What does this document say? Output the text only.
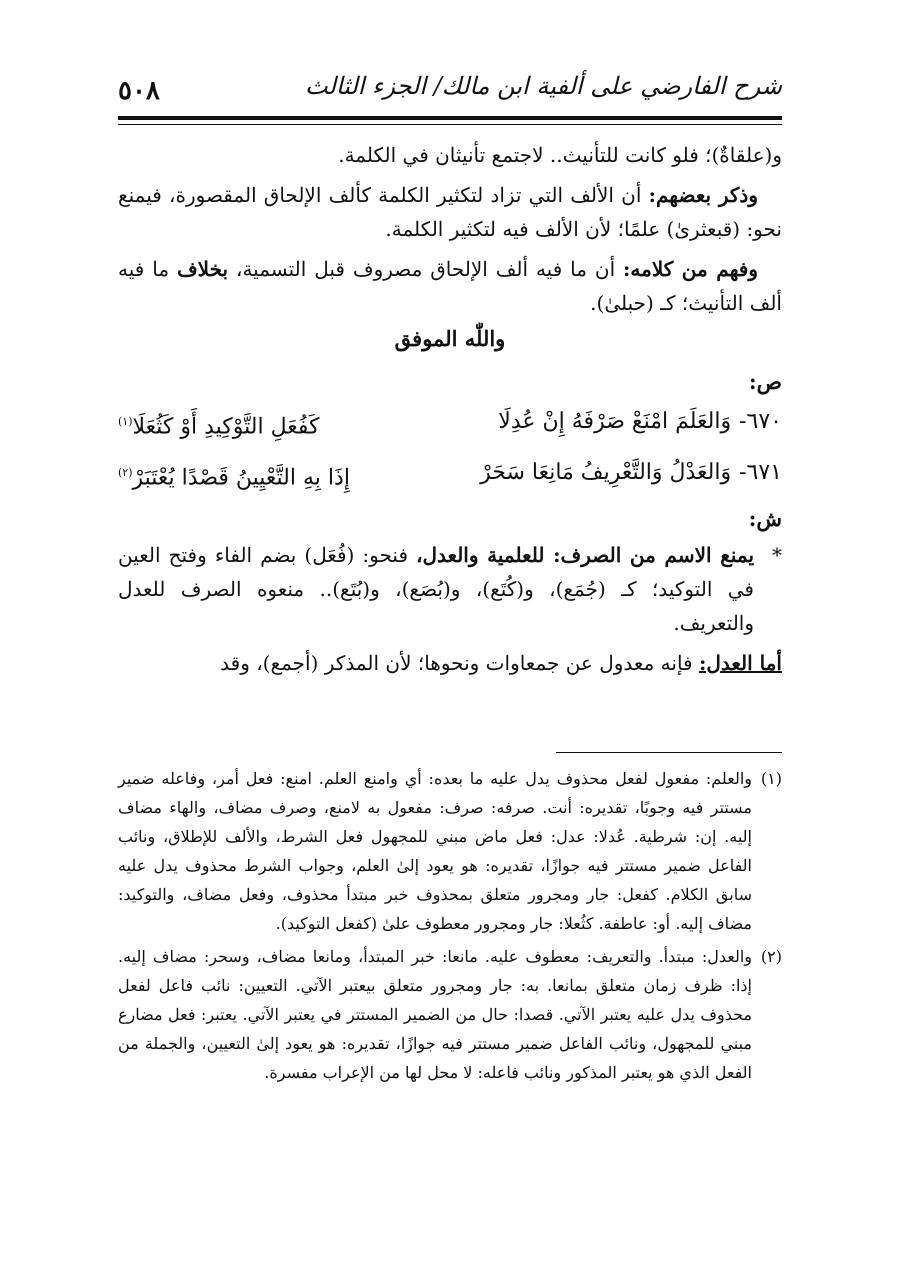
٥٠٨	شرح الفارضي على ألفية ابن مالك/ الجزء الثالث

و(علقاةٌ)؛ فلو كانت للتأنيث.. لاجتمع تأنيثان في الكلمة.

وذكر بعضهم: أن الألف التي تزاد لتكثير الكلمة كألف الإلحاق المقصورة، فيمنع نحو: (قبعثرىٰ) علمًا؛ لأن الألف فيه لتكثير الكلمة.

وفهم من كلامه: أن ما فيه ألف الإلحاق مصروف قبل التسمية، بخلاف ما فيه ألف التأنيث؛ كـ (حبلىٰ).

واللّٰه الموفق

ص:

٦٧٠-وَالعَلَمَ امْنَعْ صَرْفَهُ إِنْ عُدِلَا
كَفُعَلِ التَّوْكِيدِ أَوْ كَثُعَلَا$^{(١)}$
٦٧١-وَالعَدْلُ وَالتَّعْرِيفُ مَانِعَا سَحَرْ
إِذَا بِهِ التَّعْيِينُ قَصْدًا يُعْتَبَرْ$^{(٢)}$

ش:

*
يمنع الاسم من الصرف: للعلمية والعدل، فنحو: (فُعَل) بضم الفاء وفتح العين في التوكيد؛ كـ (جُمَع)، و(كُتَع)، و(بُصَع)، و(بُتَع).. منعوه الصرف للعدل والتعريف.

أما العدل: فإنه معدول عن جمعاوات ونحوها؛ لأن المذكر (أجمع)، وقد

(١)
والعلم: مفعول لفعل محذوف يدل عليه ما بعده: أي وامنع العلم. امنع: فعل أمر، وفاعله ضمير مستتر فيه وجوبًا، تقديره: أنت. صرفه: صرف: مفعول به لامنع، وصرف مضاف، والهاء مضاف إليه. إن: شرطية. عُدلا: عدل: فعل ماض مبني للمجهول فعل الشرط، والألف للإطلاق، ونائب الفاعل ضمير مستتر فيه جوازًا، تقديره: هو يعود إلىٰ العلم، وجواب الشرط محذوف يدل عليه سابق الكلام. كفعل: جار ومجرور متعلق بمحذوف خبر مبتدأ محذوف، وفعل مضاف، والتوكيد: مضاف إليه. أو: عاطفة. كثُعلا: جار ومجرور معطوف علىٰ (كفعل التوكيد).

(٢)
والعدل: مبتدأ. والتعريف: معطوف عليه. مانعا: خبر المبتدأ، ومانعا مضاف، وسحر: مضاف إليه. إذا: ظرف زمان متعلق بمانعا. به: جار ومجرور متعلق بيعتبر الآتي. التعيين: نائب فاعل لفعل محذوف يدل عليه يعتبر الآتي. قصدا: حال من الضمير المستتر في يعتبر الآتي. يعتبر: فعل مضارع مبني للمجهول، ونائب الفاعل ضمير مستتر فيه جوازًا، تقديره: هو يعود إلىٰ التعيين، والجملة من الفعل الذي هو يعتبر المذكور ونائب فاعله: لا محل لها من الإعراب مفسرة.
